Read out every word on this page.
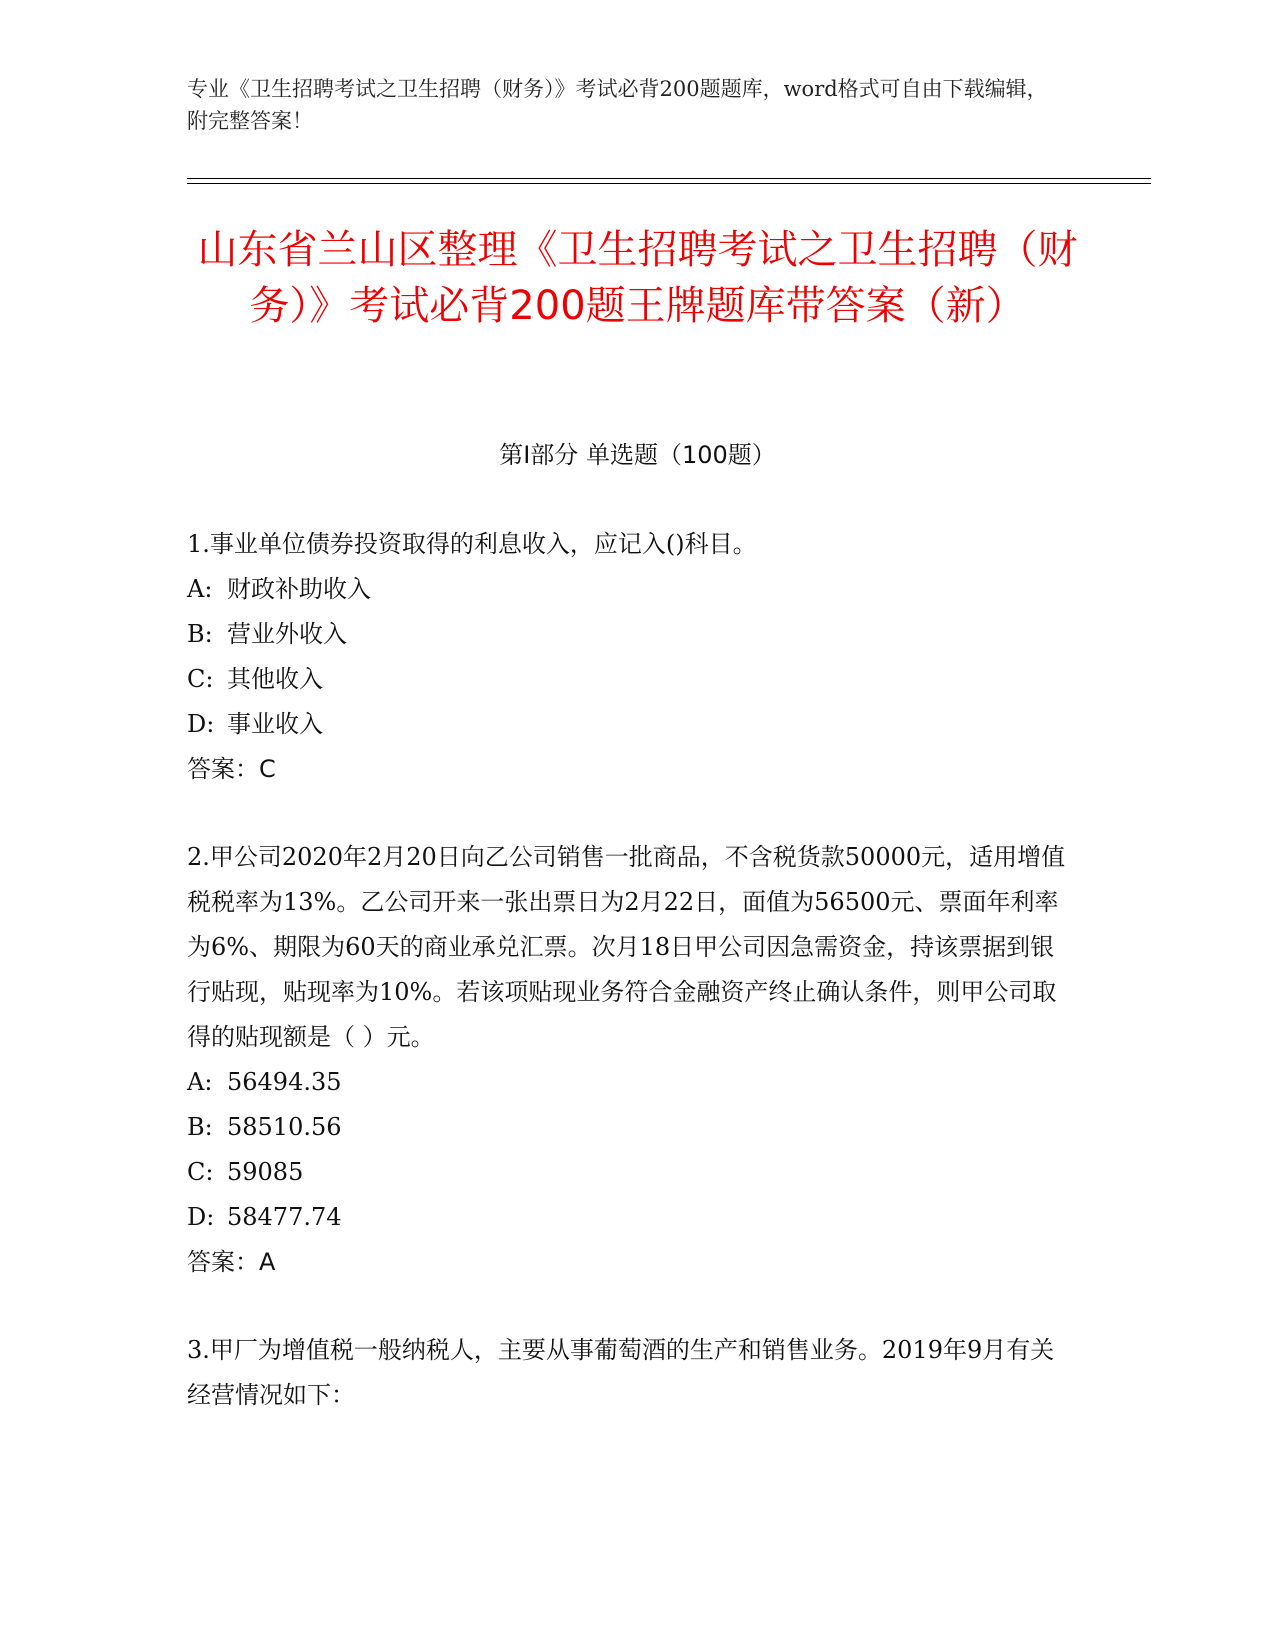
专业《卫生招聘考试之卫生招聘（财务）》考试必背200题题库，word格式可自由下载编辑，附完整答案！
山东省兰山区整理《卫生招聘考试之卫生招聘（财务）》考试必背200题王牌题库带答案（新）
第I部分 单选题（100题）
1.事业单位债券投资取得的利息收入，应记入()科目。
A: 财政补助收入
B: 营业外收入
C: 其他收入
D: 事业收入
答案：C
2.甲公司2020年2月20日向乙公司销售一批商品，不含税货款50000元，适用增值税税率为13%。乙公司开来一张出票日为2月22日，面值为56500元、票面年利率为6%、期限为60天的商业承兑汇票。次月18日甲公司因急需资金，持该票据到银行贴现，贴现率为10%。若该项贴现业务符合金融资产终止确认条件，则甲公司取得的贴现额是（ ）元。
A: 56494.35
B: 58510.56
C: 59085
D: 58477.74
答案：A
3.甲厂为增值税一般纳税人，主要从事葡萄酒的生产和销售业务。2019年9月有关经营情况如下：
